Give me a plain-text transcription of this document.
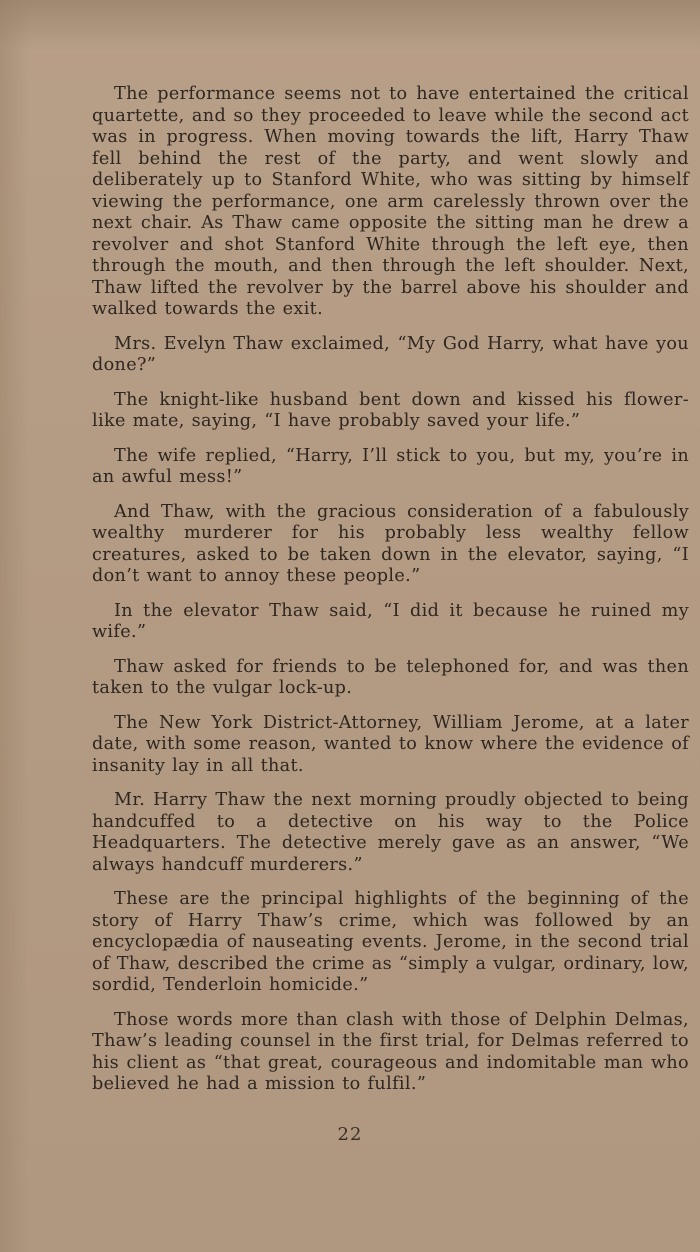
The performance seems not to have entertained the critical quartette, and so they proceeded to leave while the second act was in progress. When moving towards the lift, Harry Thaw fell behind the rest of the party, and went slowly and deliberately up to Stanford White, who was sitting by himself viewing the performance, one arm carelessly thrown over the next chair. As Thaw came opposite the sitting man he drew a revolver and shot Stanford White through the left eye, then through the mouth, and then through the left shoulder. Next, Thaw lifted the revolver by the barrel above his shoulder and walked towards the exit.

Mrs. Evelyn Thaw exclaimed, “My God Harry, what have you done?”

The knight-like husband bent down and kissed his flower-like mate, saying, “I have probably saved your life.”

The wife replied, “Harry, I’ll stick to you, but my, you’re in an awful mess!”

And Thaw, with the gracious consideration of a fabulously wealthy murderer for his probably less wealthy fellow creatures, asked to be taken down in the elevator, saying, “I don’t want to annoy these people.”

In the elevator Thaw said, “I did it because he ruined my wife.”

Thaw asked for friends to be telephoned for, and was then taken to the vulgar lock-up.

The New York District-Attorney, William Jerome, at a later date, with some reason, wanted to know where the evidence of insanity lay in all that.

Mr. Harry Thaw the next morning proudly objected to being handcuffed to a detective on his way to the Police Headquarters. The detective merely gave as an answer, “We always handcuff murderers.”

These are the principal highlights of the beginning of the story of Harry Thaw’s crime, which was followed by an encyclopædia of nauseating events. Jerome, in the second trial of Thaw, described the crime as “simply a vulgar, ordinary, low, sordid, Tenderloin homicide.”

Those words more than clash with those of Delphin Delmas, Thaw’s leading counsel in the first trial, for Delmas referred to his client as “that great, courageous and indomitable man who believed he had a mission to fulfil.”

22
